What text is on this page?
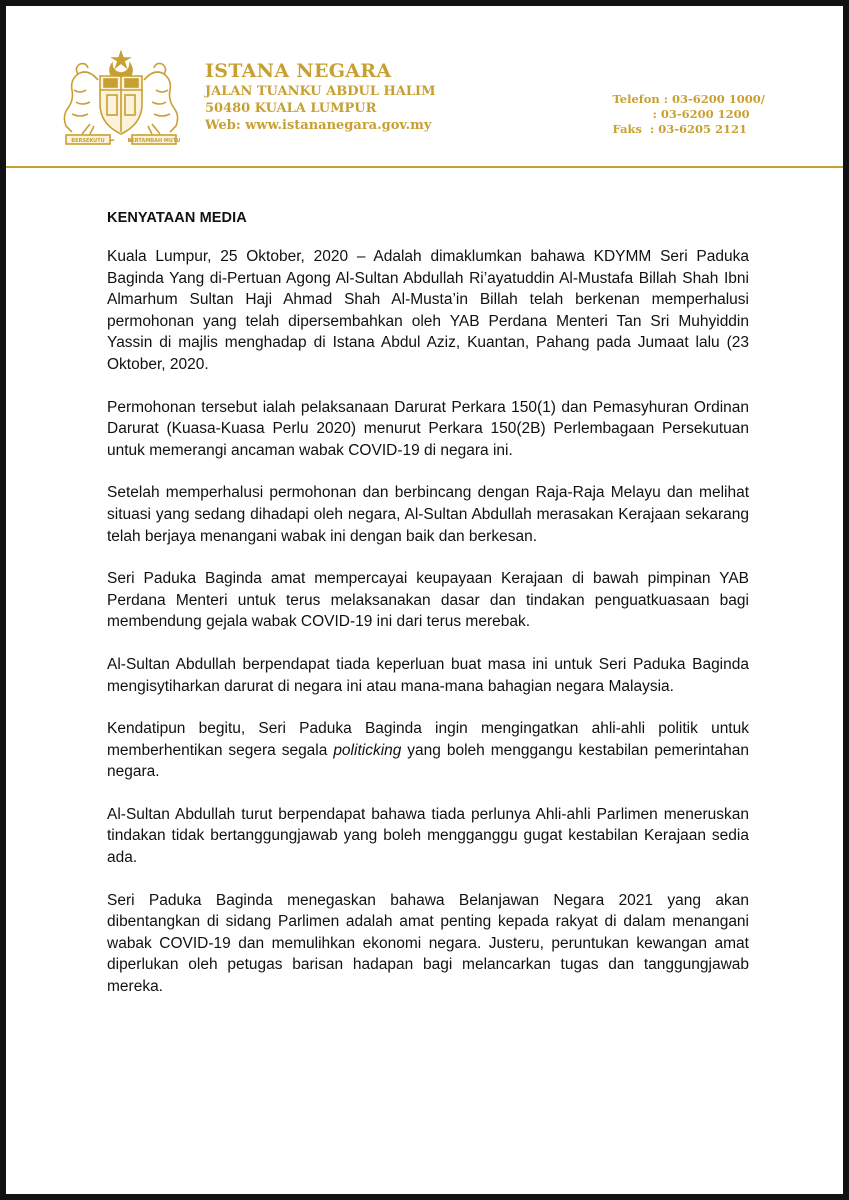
BERSEKUTU	BERTAMBAH MUTU
ISTANA NEGARA
JALAN TUANKU ABDUL HALIM
50480 KUALA LUMPUR
Web: www.istananegara.gov.my
Telefon : 03-6200 1000/
: 03-6200 1200
Faks  : 03-6205 2121
KENYATAAN MEDIA

Kuala Lumpur, 25 Oktober, 2020 – Adalah dimaklumkan bahawa KDYMM Seri Paduka Baginda Yang di-Pertuan Agong Al-Sultan Abdullah Ri’ayatuddin Al-Mustafa Billah Shah Ibni Almarhum Sultan Haji Ahmad Shah Al-Musta’in Billah telah berkenan memperhalusi permohonan yang telah dipersembahkan oleh YAB Perdana Menteri Tan Sri Muhyiddin Yassin di majlis menghadap di Istana Abdul Aziz, Kuantan, Pahang pada Jumaat lalu (23 Oktober, 2020.

Permohonan tersebut ialah pelaksanaan Darurat Perkara 150(1) dan Pemasyhuran Ordinan Darurat (Kuasa-Kuasa Perlu 2020) menurut Perkara 150(2B) Perlembagaan Persekutuan untuk memerangi ancaman wabak COVID-19 di negara ini.

Setelah memperhalusi permohonan dan berbincang dengan Raja-Raja Melayu dan melihat situasi yang sedang dihadapi oleh negara, Al-Sultan Abdullah merasakan Kerajaan sekarang telah berjaya menangani wabak ini dengan baik dan berkesan.

Seri Paduka Baginda amat mempercayai keupayaan Kerajaan di bawah pimpinan YAB Perdana Menteri untuk terus melaksanakan dasar dan tindakan penguatkuasaan bagi membendung gejala wabak COVID-19 ini dari terus merebak.

Al-Sultan Abdullah berpendapat tiada keperluan buat masa ini untuk Seri Paduka Baginda mengisytiharkan darurat di negara ini atau mana-mana bahagian negara Malaysia.

Kendatipun begitu, Seri Paduka Baginda ingin mengingatkan ahli-ahli politik untuk memberhentikan segera segala politicking yang boleh menggangu kestabilan pemerintahan negara.

Al-Sultan Abdullah turut berpendapat bahawa tiada perlunya Ahli-ahli Parlimen meneruskan tindakan tidak bertanggungjawab yang boleh mengganggu gugat kestabilan Kerajaan sedia ada.

Seri Paduka Baginda menegaskan bahawa Belanjawan Negara 2021 yang akan dibentangkan di sidang Parlimen adalah amat penting kepada rakyat di dalam menangani wabak COVID-19 dan memulihkan ekonomi negara. Justeru, peruntukan kewangan amat diperlukan oleh petugas barisan hadapan bagi melancarkan tugas dan tanggungjawab mereka.
